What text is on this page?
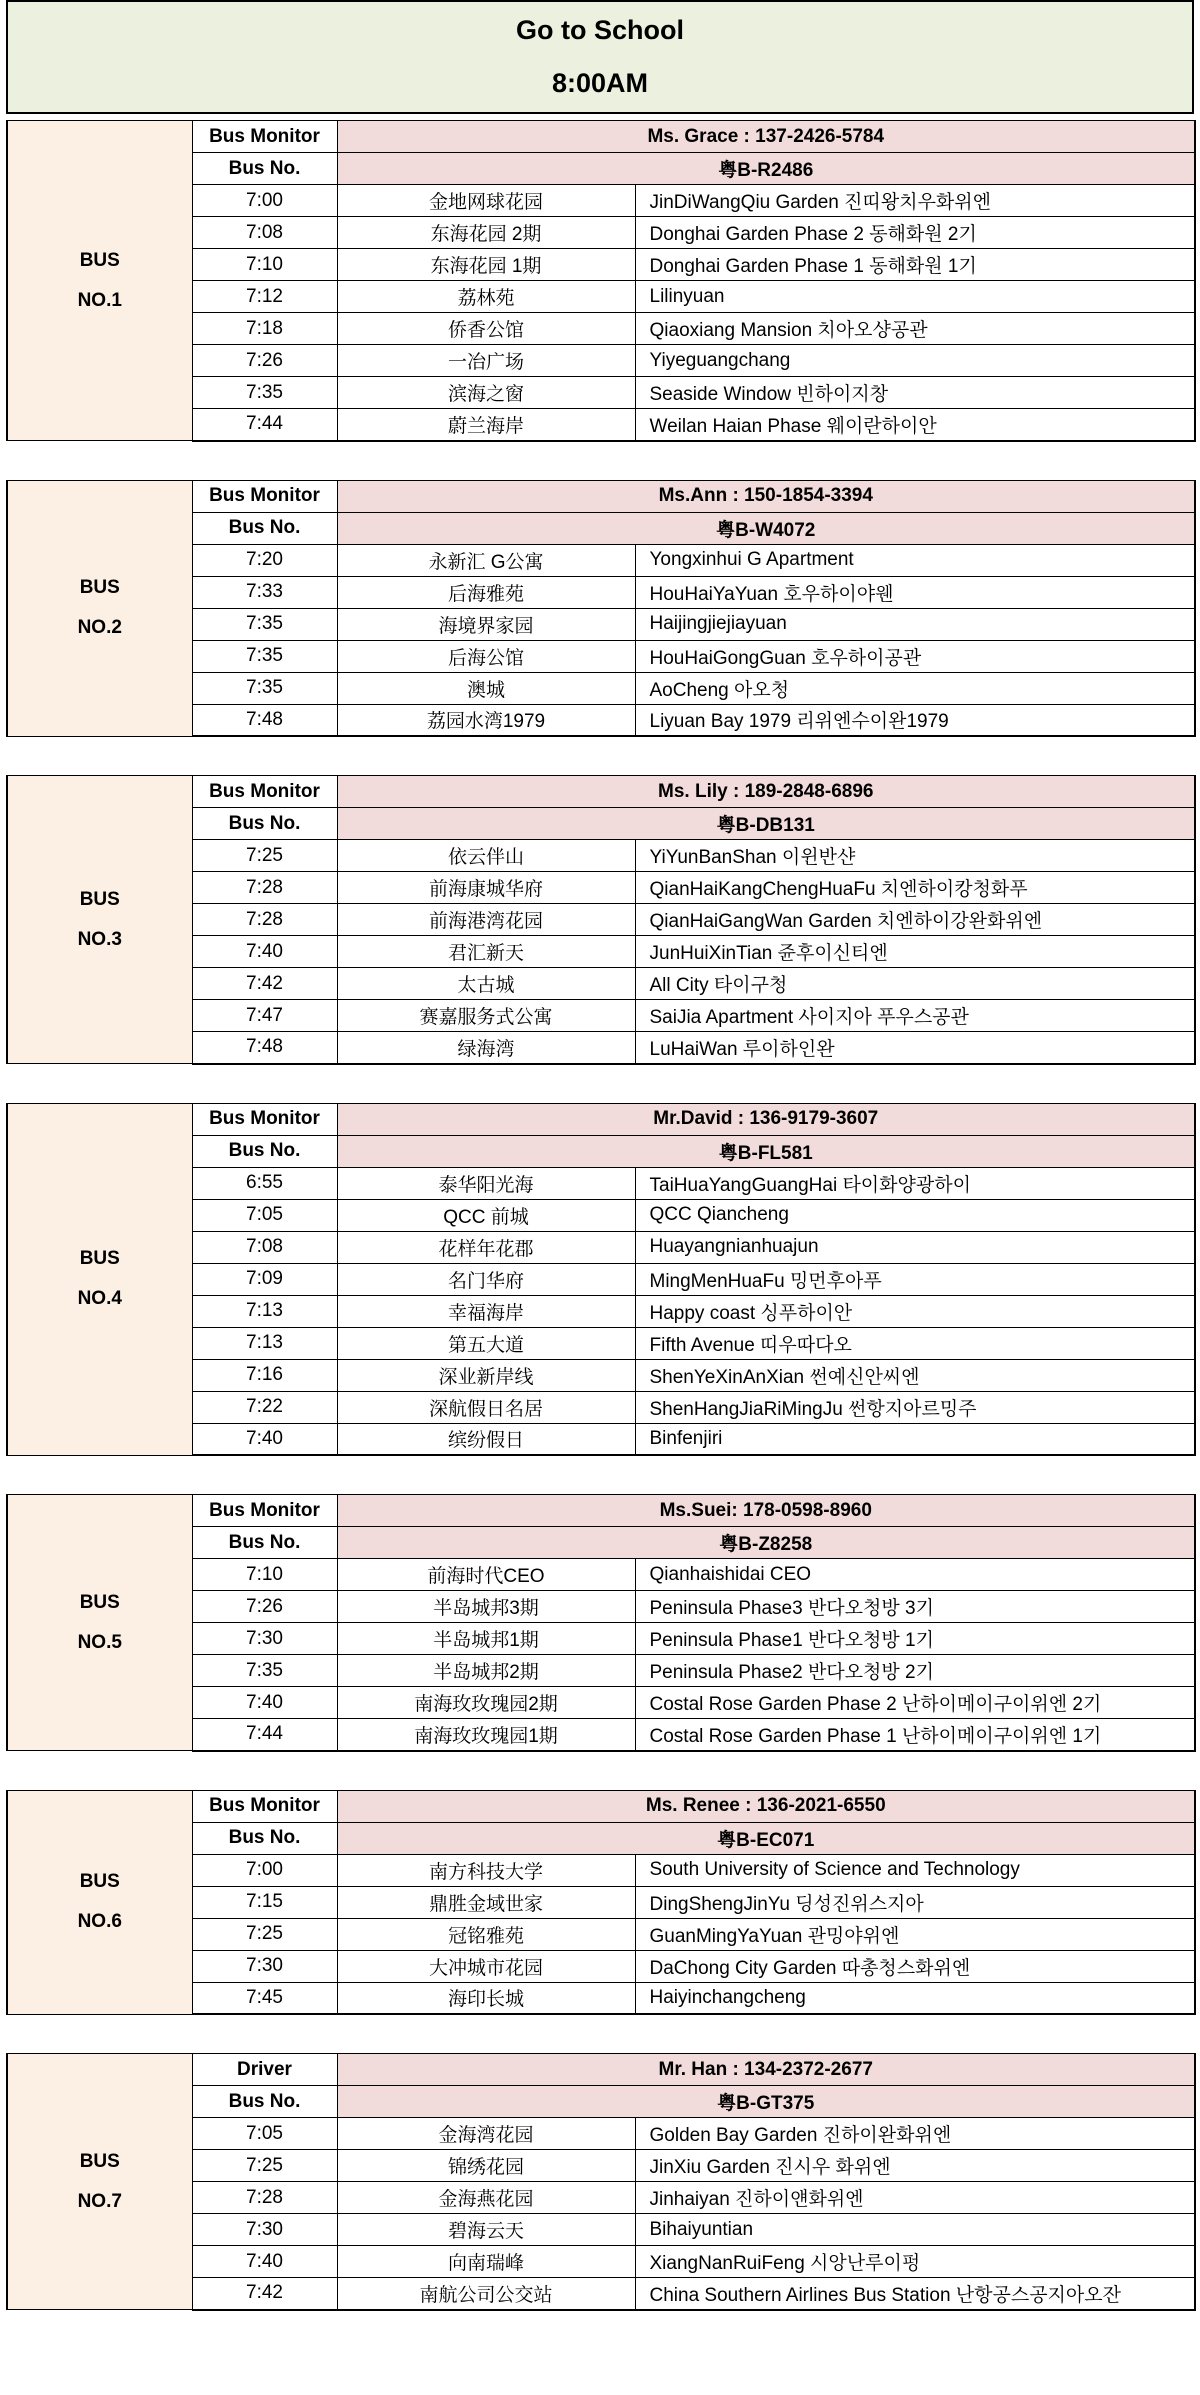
Go to School
8:00AM
BUS
NO.1	Bus Monitor	Ms. Grace : 137-2426-5784	
	Bus No.	粤B-R2486	
	7:00	金地网球花园	JinDiWangQiu Garden 진띠왕치우화위엔
	7:08	东海花园 2期	Donghai Garden Phase 2 동해화원 2기
	7:10	东海花园 1期	Donghai Garden Phase 1 동해화원 1기
	7:12	荔林苑	Lilinyuan
	7:18	侨香公馆	Qiaoxiang Mansion 치아오샹공관
	7:26	一冶广场	Yiyeguangchang
	7:35	滨海之窗	Seaside Window 빈하이지창
	7:44	蔚兰海岸	Weilan Haian Phase 웨이란하이안
BUS
NO.2	Bus Monitor	Ms.Ann : 150-1854-3394	
	Bus No.	粤B-W4072	
	7:20	永新汇 G公寓	Yongxinhui G Apartment
	7:33	后海雅苑	HouHaiYaYuan 호우하이야웬
	7:35	海境界家园	Haijingjiejiayuan
	7:35	后海公馆	HouHaiGongGuan 호우하이공관
	7:35	澳城	AoCheng 아오청
	7:48	荔园水湾1979	Liyuan Bay 1979 리위엔수이완1979
BUS
NO.3	Bus Monitor	Ms. Lily : 189-2848-6896	
	Bus No.	粤B-DB131	
	7:25	依云伴山	YiYunBanShan 이윈반샨
	7:28	前海康城华府	QianHaiKangChengHuaFu 치엔하이캉청화푸
	7:28	前海港湾花园	QianHaiGangWan Garden 치엔하이강완화위엔
	7:40	君汇新天	JunHuiXinTian 쥰후이신티엔
	7:42	太古城	All City 타이구청
	7:47	赛嘉服务式公寓	SaiJia Apartment 사이지아 푸우스공관
	7:48	绿海湾	LuHaiWan 루이하인완
BUS
NO.4	Bus Monitor	Mr.David : 136-9179-3607	
	Bus No.	粤B-FL581	
	6:55	泰华阳光海	TaiHuaYangGuangHai 타이화양광하이
	7:05	QCC 前城	QCC Qiancheng
	7:08	花样年花郡	Huayangnianhuajun
	7:09	名门华府	MingMenHuaFu 밍먼후아푸
	7:13	幸福海岸	Happy coast 싱푸하이안
	7:13	第五大道	Fifth Avenue 띠우따다오
	7:16	深业新岸线	ShenYeXinAnXian 썬예신안씨엔
	7:22	深航假日名居	ShenHangJiaRiMingJu 썬항지아르밍주
	7:40	缤纷假日	Binfenjiri
BUS
NO.5	Bus Monitor	Ms.Suei: 178-0598-8960	
	Bus No.	粤B-Z8258	
	7:10	前海时代CEO	Qianhaishidai CEO
	7:26	半岛城邦3期	Peninsula Phase3 반다오청방 3기
	7:30	半岛城邦1期	Peninsula Phase1 반다오청방 1기
	7:35	半岛城邦2期	Peninsula Phase2 반다오청방 2기
	7:40	南海玫玫瑰园2期	Costal Rose Garden Phase 2 난하이메이구이위엔 2기
	7:44	南海玫玫瑰园1期	Costal Rose Garden Phase 1 난하이메이구이위엔 1기
BUS
NO.6	Bus Monitor	Ms. Renee : 136-2021-6550	
	Bus No.	粤B-EC071	
	7:00	南方科技大学	South University of Science and Technology
	7:15	鼎胜金域世家	DingShengJinYu 딩성진위스지아
	7:25	冠铭雅苑	GuanMingYaYuan 관밍야위엔
	7:30	大冲城市花园	DaChong City Garden 따총청스화위엔
	7:45	海印长城	Haiyinchangcheng
BUS
NO.7	Driver	Mr. Han : 134-2372-2677	
	Bus No.	粤B-GT375	
	7:05	金海湾花园	Golden Bay Garden 진하이완화위엔
	7:25	锦绣花园	JinXiu Garden 진시우 화위엔
	7:28	金海燕花园	Jinhaiyan 진하이얜화위엔
	7:30	碧海云天	Bihaiyuntian
	7:40	向南瑞峰	XiangNanRuiFeng 시앙난루이펑
	7:42	南航公司公交站	China Southern Airlines Bus Station 난항공스공지아오잔
